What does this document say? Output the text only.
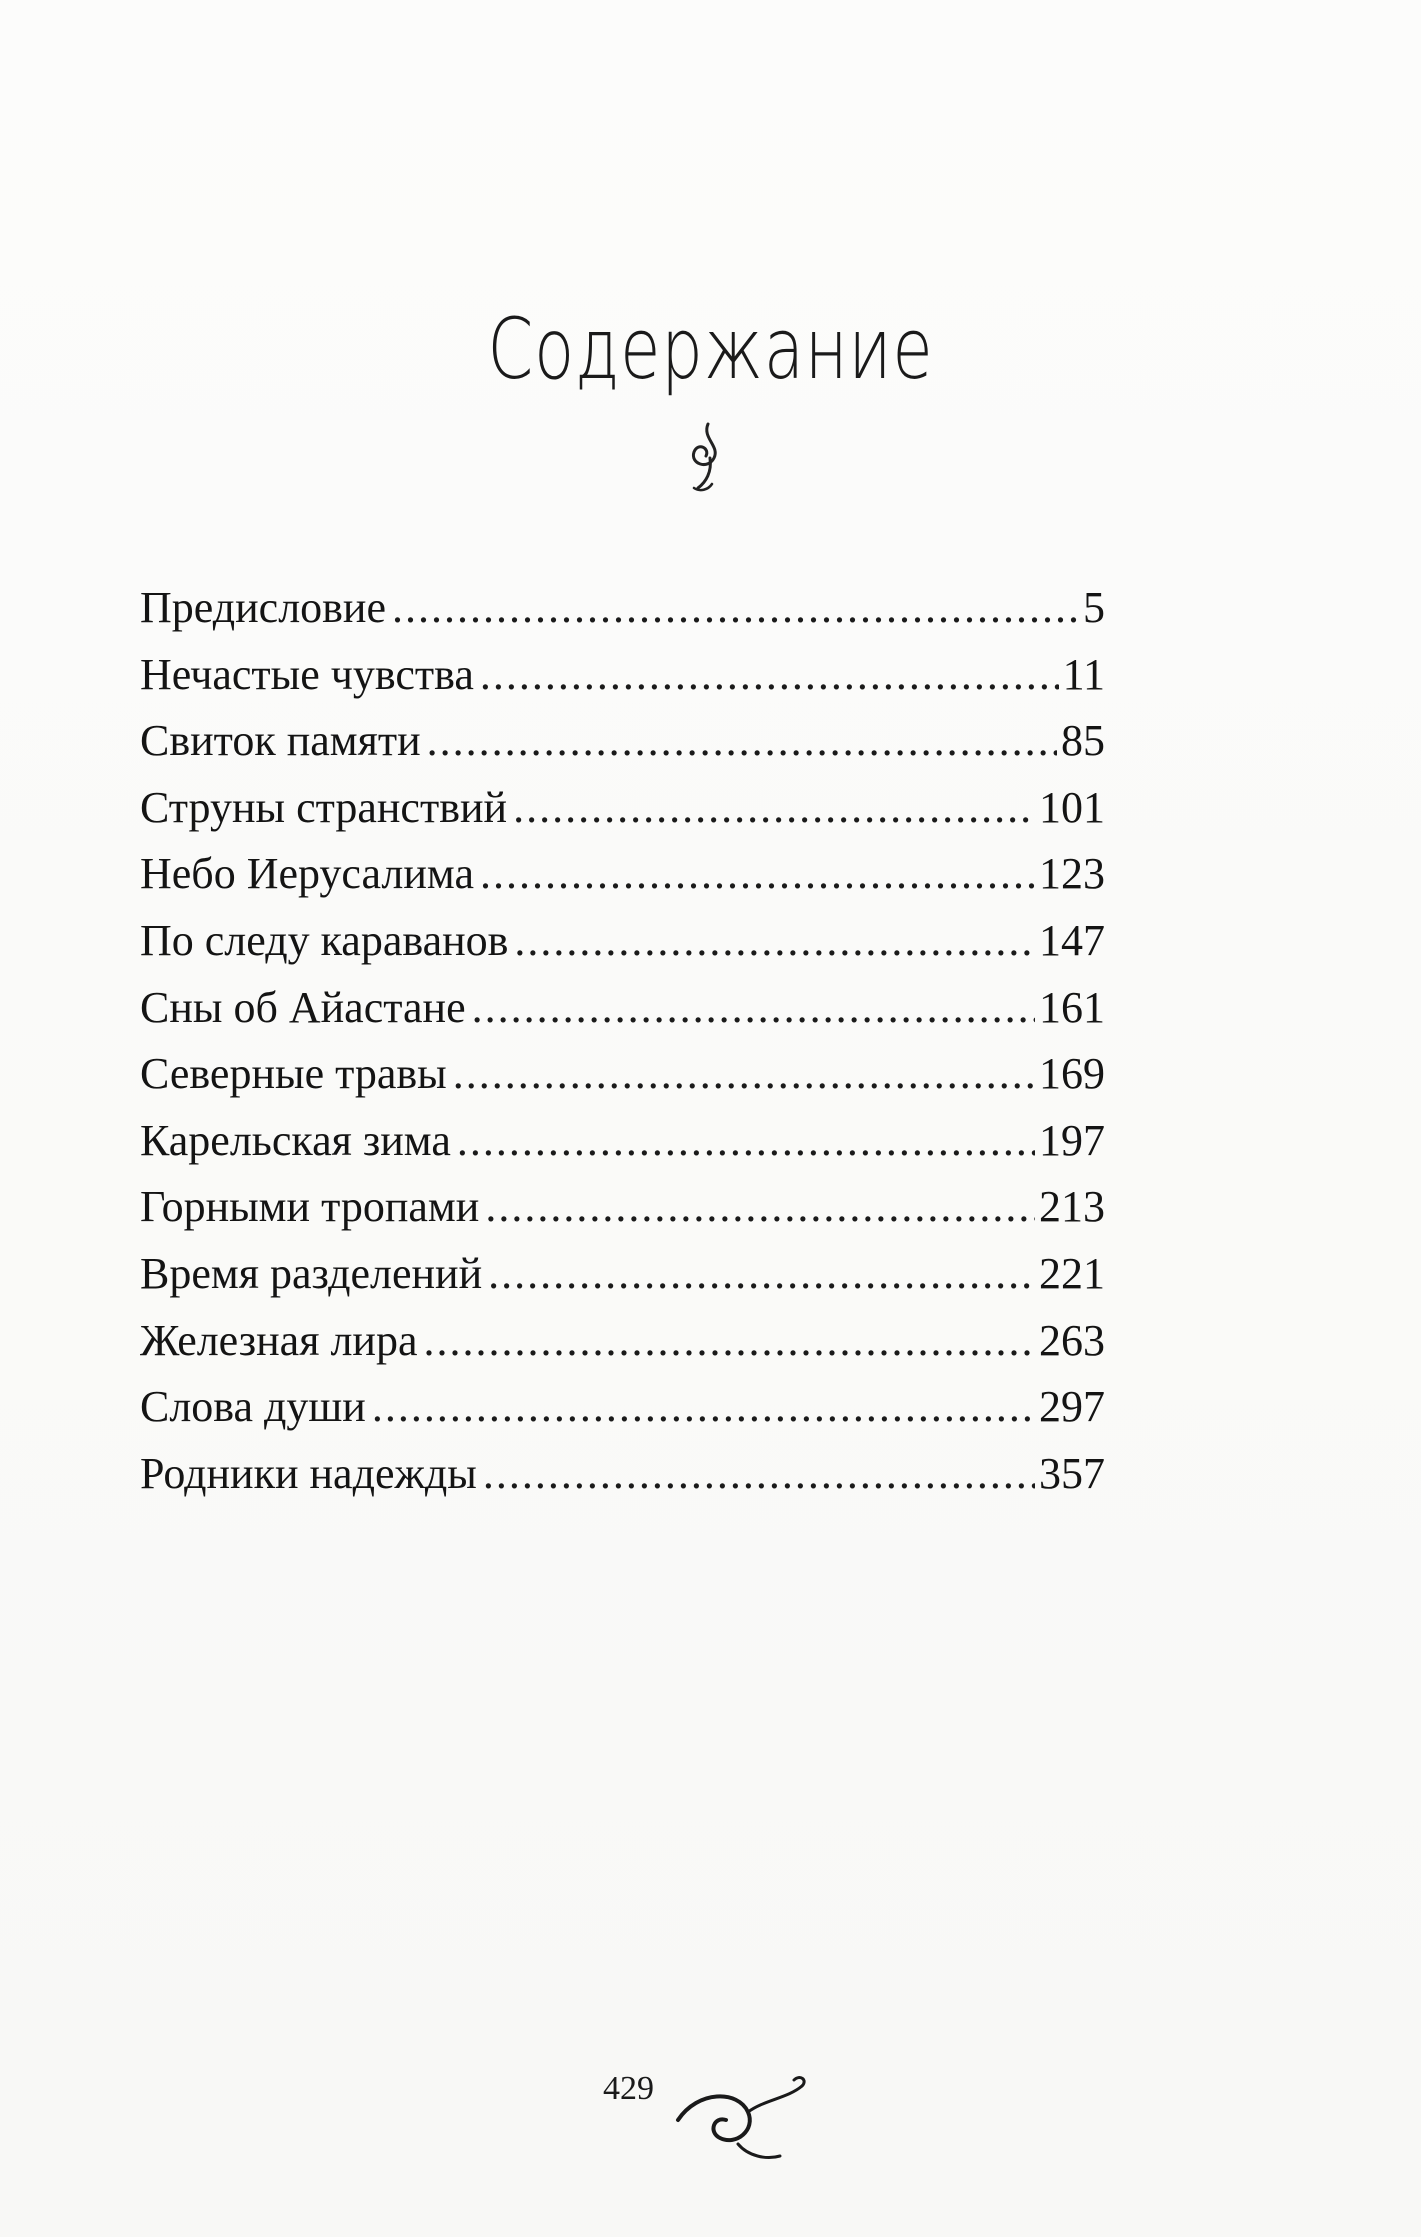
Содержание
Предисловие .....	5
Нечастые чувства .....	11
Свиток памяти .....	85
Струны странствий .....	101
Небо Иерусалима .....	123
По следу караванов .....	147
Сны об Айастане .....	161
Северные травы .....	169
Карельская зима .....	197
Горными тропами .....	213
Время разделений .....	221
Железная лира .....	263
Слова души .....	297
Родники надежды .....	357
429
